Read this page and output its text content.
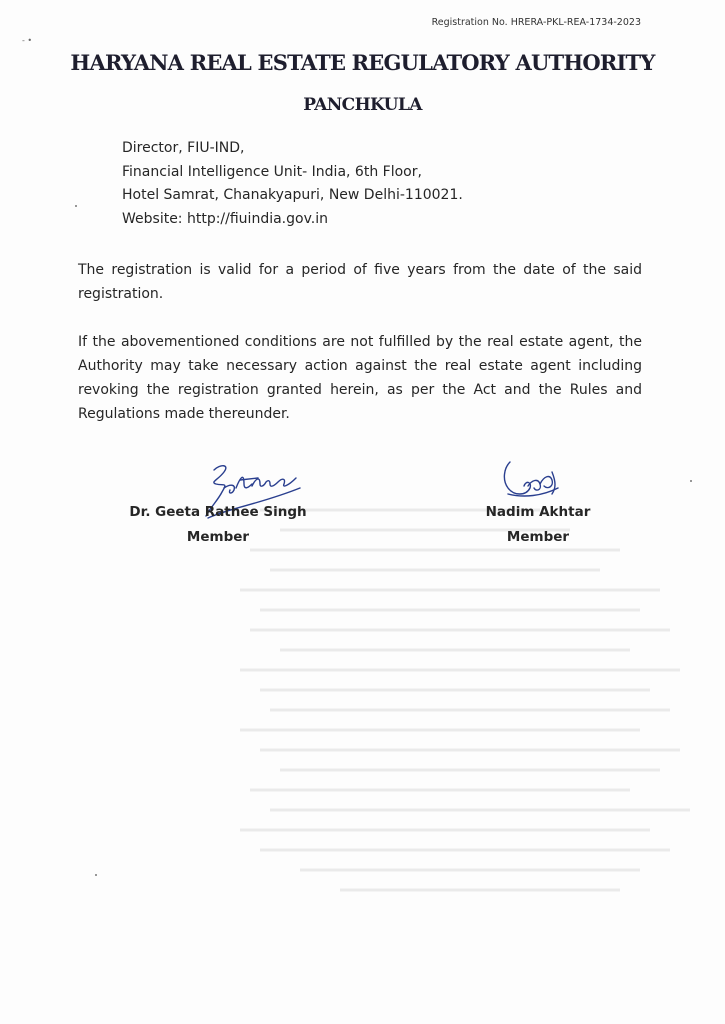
- •
Registration No. HRERA-PKL-REA-1734-2023
HARYANA REAL ESTATE REGULATORY AUTHORITY
PANCHKULA
Director, FIU-IND,
Financial Intelligence Unit- India, 6th Floor,
Hotel Samrat, Chanakyapuri, New Delhi-110021.
Website: http://fiuindia.gov.in
The registration is valid for a period of five years from the date of the said registration.
If the abovementioned conditions are not fulfilled by the real estate agent, the Authority may take necessary action against the real estate agent including revoking the registration granted herein, as per the Act and the Rules and Regulations made thereunder.
Dr. Geeta Rathee Singh
Member
Nadim Akhtar
Member
